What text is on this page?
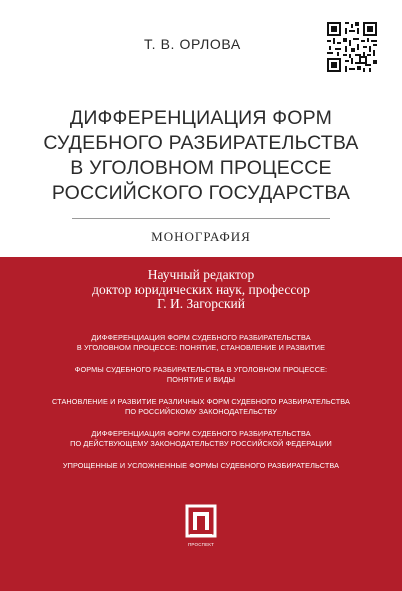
Т. В. ОРЛОВА
ДИФФЕРЕНЦИАЦИЯ ФОРМ
СУДЕБНОГО РАЗБИРАТЕЛЬСТВА
В УГОЛОВНОМ ПРОЦЕССЕ
РОССИЙСКОГО ГОСУДАРСТВА
МОНОГРАФИЯ
Научный редактор
доктор юридических наук, профессор
Г. И. Загорский
ДИФФЕРЕНЦИАЦИЯ ФОРМ СУДЕБНОГО РАЗБИРАТЕЛЬСТВА
В УГОЛОВНОМ ПРОЦЕССЕ: ПОНЯТИЕ, СТАНОВЛЕНИЕ И РАЗВИТИЕ
ФОРМЫ СУДЕБНОГО РАЗБИРАТЕЛЬСТВА В УГОЛОВНОМ ПРОЦЕССЕ:
ПОНЯТИЕ И ВИДЫ
СТАНОВЛЕНИЕ И РАЗВИТИЕ РАЗЛИЧНЫХ ФОРМ СУДЕБНОГО РАЗБИРАТЕЛЬСТВА
ПО РОССИЙСКОМУ ЗАКОНОДАТЕЛЬСТВУ
ДИФФЕРЕНЦИАЦИЯ ФОРМ СУДЕБНОГО РАЗБИРАТЕЛЬСТВА
ПО ДЕЙСТВУЮЩЕМУ ЗАКОНОДАТЕЛЬСТВУ РОССИЙСКОЙ ФЕДЕРАЦИИ
УПРОЩЕННЫЕ И УСЛОЖНЕННЫЕ ФОРМЫ СУДЕБНОГО РАЗБИРАТЕЛЬСТВА
ПРОСПЕКТ
